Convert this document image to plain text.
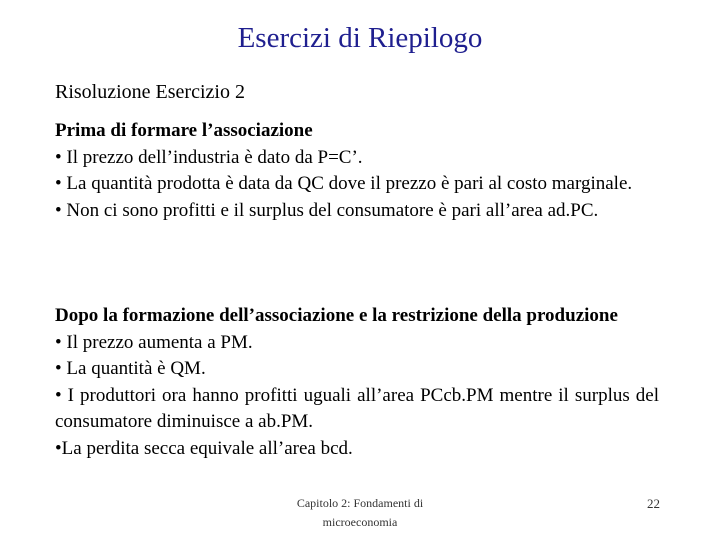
Esercizi di Riepilogo
Risoluzione Esercizio 2

Prima di formare l’associazione

• Il prezzo dell’industria è dato da P=C’.

• La quantità prodotta è data da QC dove il prezzo è pari al costo marginale.

• Non ci sono profitti e il surplus del consumatore è pari all’area ad.PC.

Dopo la formazione dell’associazione e la restrizione della produzione

• Il prezzo aumenta a PM.

• La quantità è QM.

• I produttori ora hanno profitti uguali all’area PCcb.PM mentre il surplus del consumatore diminuisce a ab.PM.

•La perdita secca equivale all’area bcd.

Capitolo 2: Fondamenti di microeconomia
22
